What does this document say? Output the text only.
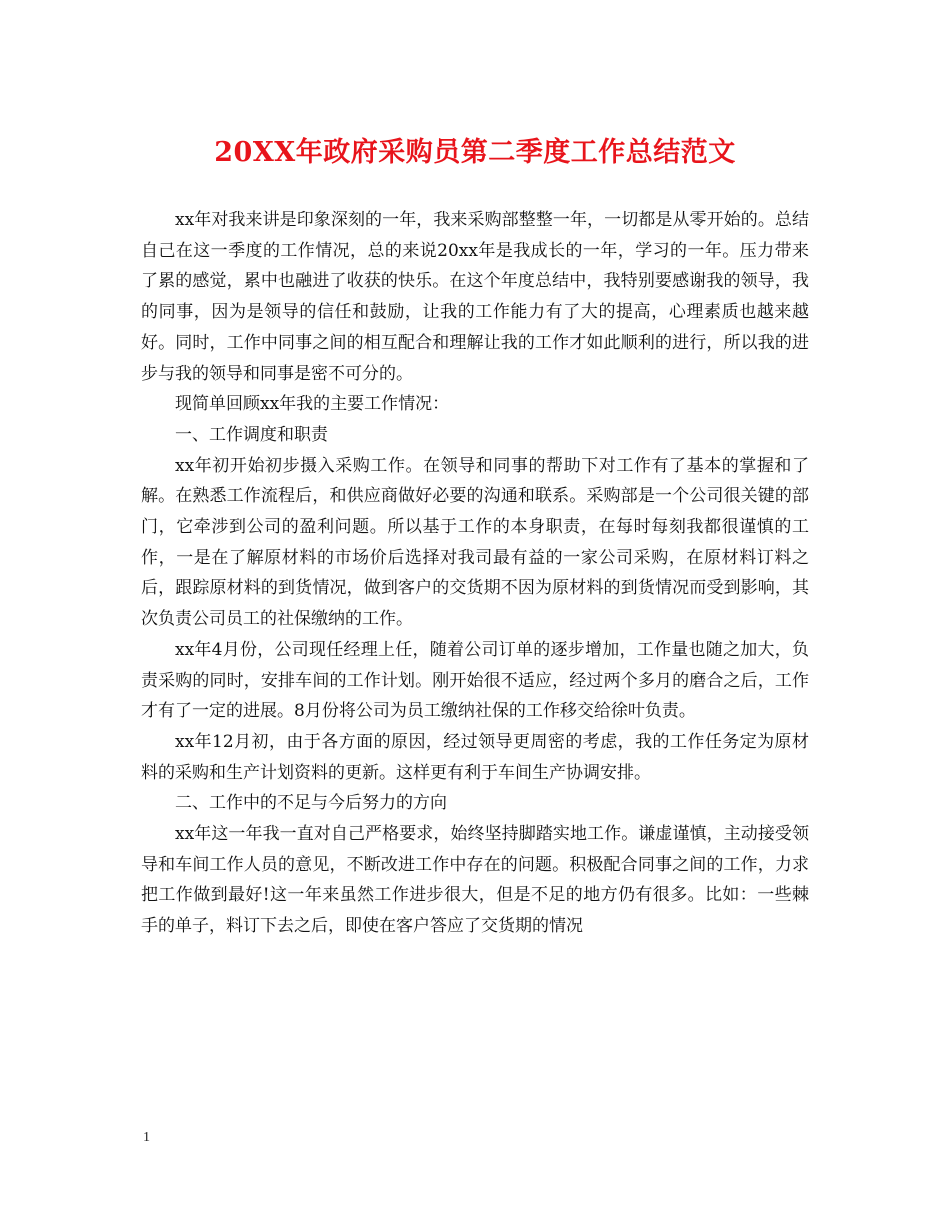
20XX年政府采购员第二季度工作总结范文

xx年对我来讲是印象深刻的一年，我来采购部整整一年，一切都是从零开始的。总结自己在这一季度的工作情况，总的来说20xx年是我成长的一年，学习的一年。压力带来了累的感觉，累中也融进了收获的快乐。在这个年度总结中，我特别要感谢我的领导，我的同事，因为是领导的信任和鼓励，让我的工作能力有了大的提高，心理素质也越来越好。同时，工作中同事之间的相互配合和理解让我的工作才如此顺利的进行，所以我的进步与我的领导和同事是密不可分的。

现简单回顾xx年我的主要工作情况：

一、工作调度和职责

xx年初开始初步摄入采购工作。在领导和同事的帮助下对工作有了基本的掌握和了解。在熟悉工作流程后，和供应商做好必要的沟通和联系。采购部是一个公司很关键的部门，它牵涉到公司的盈利问题。所以基于工作的本身职责，在每时每刻我都很谨慎的工作，一是在了解原材料的市场价后选择对我司最有益的一家公司采购，在原材料订料之后，跟踪原材料的到货情况，做到客户的交货期不因为原材料的到货情况而受到影响，其次负责公司员工的社保缴纳的工作。

xx年4月份，公司现任经理上任，随着公司订单的逐步增加，工作量也随之加大，负责采购的同时，安排车间的工作计划。刚开始很不适应，经过两个多月的磨合之后，工作才有了一定的进展。8月份将公司为员工缴纳社保的工作移交给徐叶负责。

xx年12月初，由于各方面的原因，经过领导更周密的考虑，我的工作任务定为原材料的采购和生产计划资料的更新。这样更有利于车间生产协调安排。

二、工作中的不足与今后努力的方向

xx年这一年我一直对自己严格要求，始终坚持脚踏实地工作。谦虚谨慎，主动接受领导和车间工作人员的意见，不断改进工作中存在的问题。积极配合同事之间的工作，力求把工作做到最好!这一年来虽然工作进步很大，但是不足的地方仍有很多。比如：一些棘手的单子，料订下去之后，即使在客户答应了交货期的情况

1
